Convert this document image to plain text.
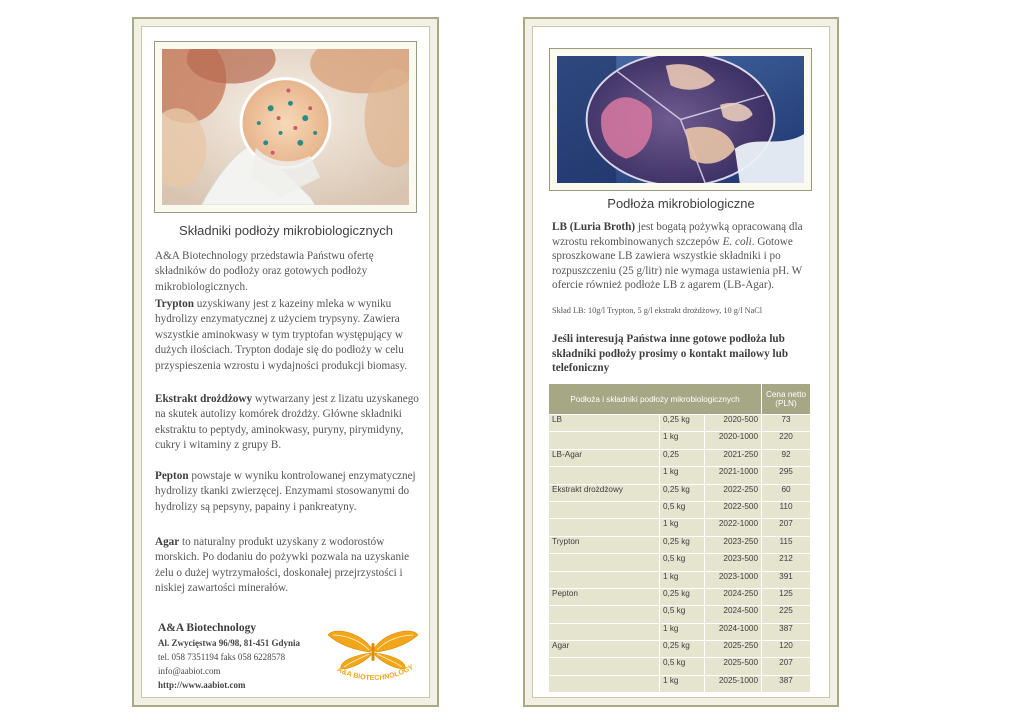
Składniki podłoży mikrobiologicznych

A&A Biotechnology przedstawia Państwu ofertę składników do podłoży oraz gotowych podłoży mikrobiologicznych.

Trypton uzyskiwany jest z kazeiny mleka w wyniku hydrolizy enzymatycznej z użyciem trypsyny. Zawiera wszystkie aminokwasy w tym tryptofan występujący w dużych ilościach. Trypton dodaje się do podłoży w celu przyspieszenia wzrostu i wydajności produkcji biomasy.

Ekstrakt drożdżowy wytwarzany jest z lizatu uzyskanego na skutek autolizy komórek drożdży. Główne składniki ekstraktu to peptydy, aminokwasy, puryny, pirymidyny, cukry i witaminy z grupy B.

Pepton powstaje w wyniku kontrolowanej enzymatycznej hydrolizy tkanki zwierzęcej. Enzymami stosowanymi do hydrolizy są pepsyny, papainy i pankreatyny.

Agar to naturalny produkt uzyskany z wodorostów morskich. Po dodaniu do pożywki pozwala na uzyskanie żelu o dużej wytrzymałości, doskonałej przejrzystości i niskiej zawartości minerałów.

A&A Biotechnology
Al. Zwycięstwa 96/98, 81-451 Gdynia
tel. 058 7351194 faks 058 6228578
info@aabiot.com
http://www.aabiot.com
A&A BIOTECHNOLOGY
Podłoża mikrobiologiczne

LB (Luria Broth) jest bogatą pożywką opracowaną dla wzrostu rekombinowanych szczepów E. coli. Gotowe sproszkowane LB zawiera wszystkie składniki i po rozpuszczeniu (25 g/litr) nie wymaga ustawienia pH. W ofercie również podłoże LB z agarem (LB-Agar).

Skład LB: 10g/l Trypton, 5 g/l ekstrakt drożdżowy, 10 g/l NaCl

Jeśli interesują Państwa inne gotowe podłoża lub składniki podłoży prosimy o kontakt mailowy lub telefoniczny

Podłoża i składniki podłoży mikrobiologicznych			Cena netto (PLN)
LB	0,25 kg	2020-500	73
	1 kg	2020-1000	220
LB-Agar	0,25	2021-250	92
	1 kg	2021-1000	295
Ekstrakt drożdżowy	0,25 kg	2022-250	60
	0,5 kg	2022-500	110
	1 kg	2022-1000	207
Trypton	0,25 kg	2023-250	115
	0,5 kg	2023-500	212
	1 kg	2023-1000	391
Pepton	0,25 kg	2024-250	125
	0,5 kg	2024-500	225
	1 kg	2024-1000	387
Agar	0,25 kg	2025-250	120
	0,5 kg	2025-500	207
	1 kg	2025-1000	387
